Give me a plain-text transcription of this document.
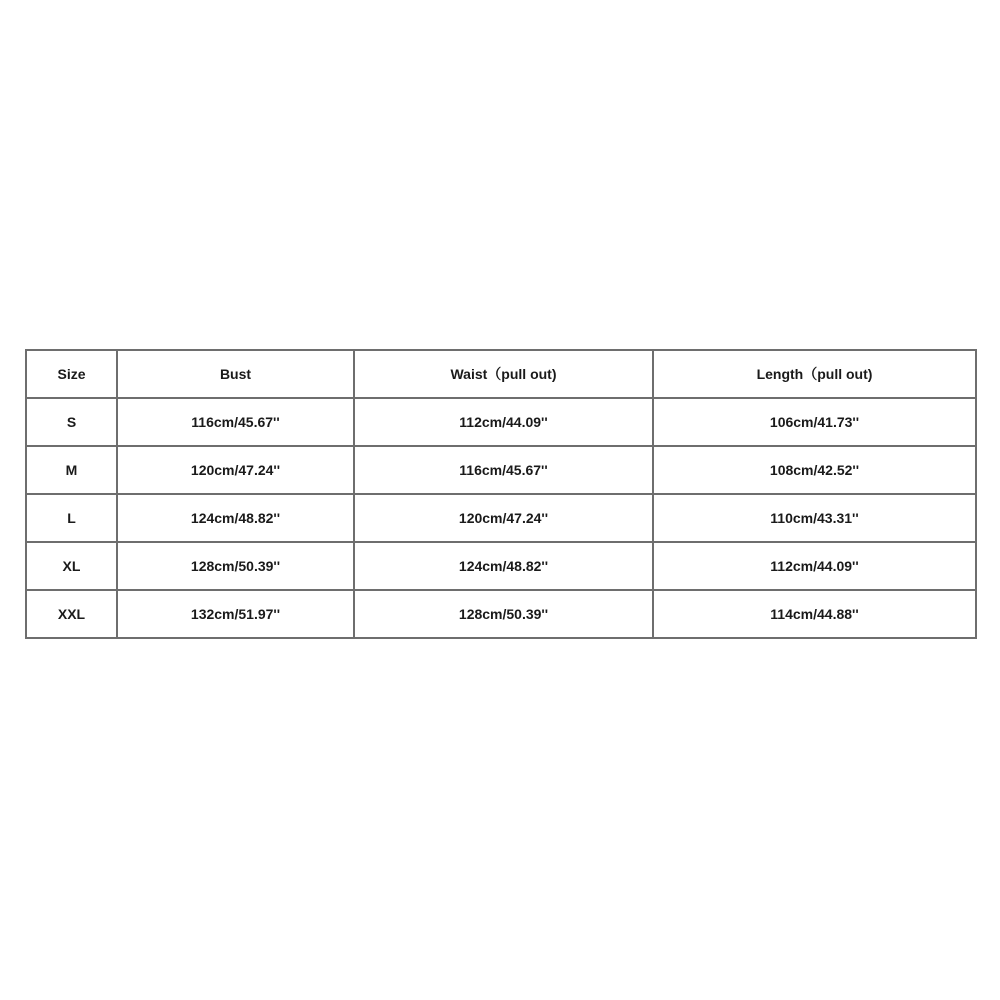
Size	Bust	Waist（pull out)	Length（pull out)
S	116cm/45.67''	112cm/44.09''	106cm/41.73''
M	120cm/47.24''	116cm/45.67''	108cm/42.52''
L	124cm/48.82''	120cm/47.24''	110cm/43.31''
XL	128cm/50.39''	124cm/48.82''	112cm/44.09''
XXL	132cm/51.97''	128cm/50.39''	114cm/44.88''
